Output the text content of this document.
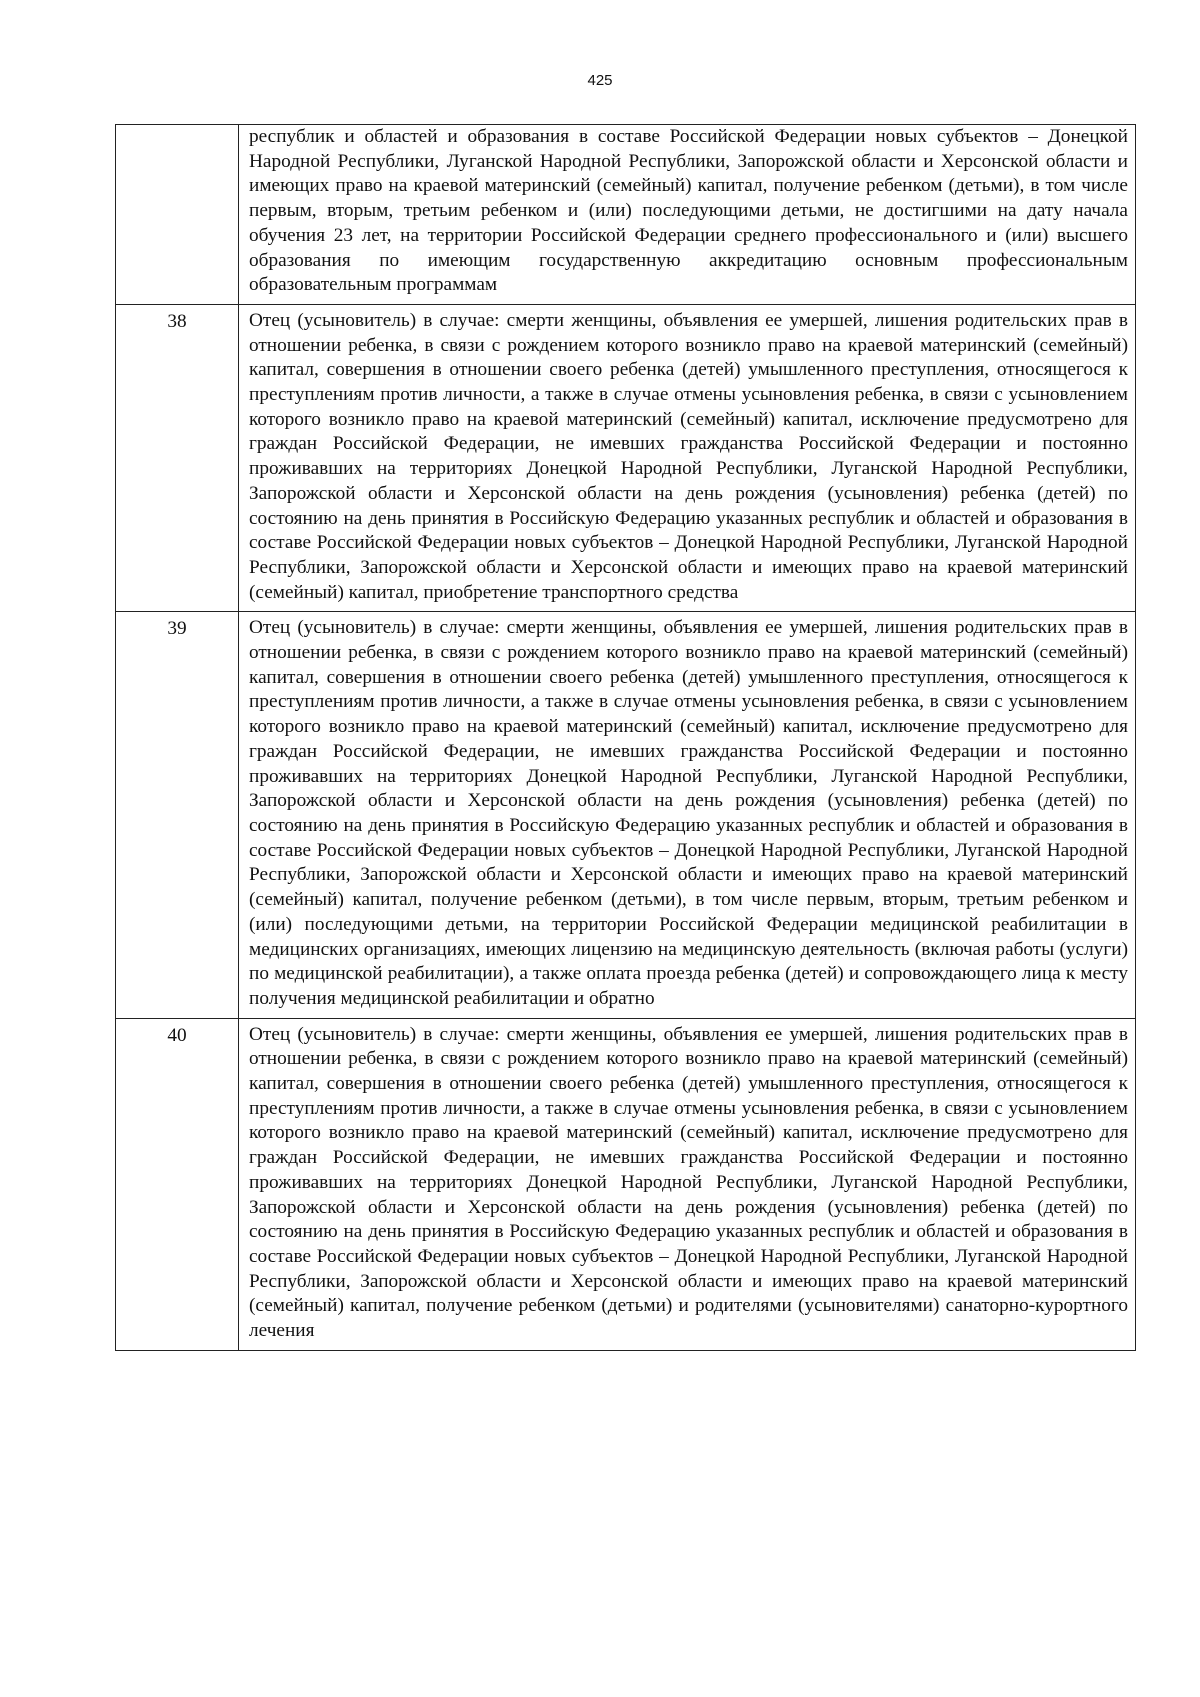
425
	республик и областей и образования в составе Российской Федерации новых субъектов – Донецкой Народной Республики, Луганской Народной Республики, Запорожской области и Херсонской области и имеющих право на краевой материнский (семейный) капитал, получение ребенком (детьми), в том числе первым, вторым, третьим ребенком и (или) последующими детьми, не достигшими на дату начала обучения 23 лет, на территории Российской Федерации среднего профессионального и (или) высшего образования по имеющим государственную аккредитацию основным профессиональным образовательным программам
38	Отец (усыновитель) в случае: смерти женщины, объявления ее умершей, лишения родительских прав в отношении ребенка, в связи с рождением которого возникло право на краевой материнский (семейный) капитал, совершения в отношении своего ребенка (детей) умышленного преступления, относящегося к преступлениям против личности, а также в случае отмены усыновления ребенка, в связи с усыновлением которого возникло право на краевой материнский (семейный) капитал, исключение предусмотрено для граждан Российской Федерации, не имевших гражданства Российской Федерации и постоянно проживавших на территориях Донецкой Народной Республики, Луганской Народной Республики, Запорожской области и Херсонской области на день рождения (усыновления) ребенка (детей) по состоянию на день принятия в Российскую Федерацию указанных республик и областей и образования в составе Российской Федерации новых субъектов – Донецкой Народной Республики, Луганской Народной Республики, Запорожской области и Херсонской области и имеющих право на краевой материнский (семейный) капитал, приобретение транспортного средства
39	Отец (усыновитель) в случае: смерти женщины, объявления ее умершей, лишения родительских прав в отношении ребенка, в связи с рождением которого возникло право на краевой материнский (семейный) капитал, совершения в отношении своего ребенка (детей) умышленного преступления, относящегося к преступлениям против личности, а также в случае отмены усыновления ребенка, в связи с усыновлением которого возникло право на краевой материнский (семейный) капитал, исключение предусмотрено для граждан Российской Федерации, не имевших гражданства Российской Федерации и постоянно проживавших на территориях Донецкой Народной Республики, Луганской Народной Республики, Запорожской области и Херсонской области на день рождения (усыновления) ребенка (детей) по состоянию на день принятия в Российскую Федерацию указанных республик и областей и образования в составе Российской Федерации новых субъектов – Донецкой Народной Республики, Луганской Народной Республики, Запорожской области и Херсонской области и имеющих право на краевой материнский (семейный) капитал, получение ребенком (детьми), в том числе первым, вторым, третьим ребенком и (или) последующими детьми, на территории Российской Федерации медицинской реабилитации в медицинских организациях, имеющих лицензию на медицинскую деятельность (включая работы (услуги) по медицинской реабилитации), а также оплата проезда ребенка (детей) и сопровождающего лица к месту получения медицинской реабилитации и обратно
40	Отец (усыновитель) в случае: смерти женщины, объявления ее умершей, лишения родительских прав в отношении ребенка, в связи с рождением которого возникло право на краевой материнский (семейный) капитал, совершения в отношении своего ребенка (детей) умышленного преступления, относящегося к преступлениям против личности, а также в случае отмены усыновления ребенка, в связи с усыновлением которого возникло право на краевой материнский (семейный) капитал, исключение предусмотрено для граждан Российской Федерации, не имевших гражданства Российской Федерации и постоянно проживавших на территориях Донецкой Народной Республики, Луганской Народной Республики, Запорожской области и Херсонской области на день рождения (усыновления) ребенка (детей) по состоянию на день принятия в Российскую Федерацию указанных республик и областей и образования в составе Российской Федерации новых субъектов – Донецкой Народной Республики, Луганской Народной Республики, Запорожской области и Херсонской области и имеющих право на краевой материнский (семейный) капитал, получение ребенком (детьми) и родителями (усыновителями) санаторно-курортного лечения
